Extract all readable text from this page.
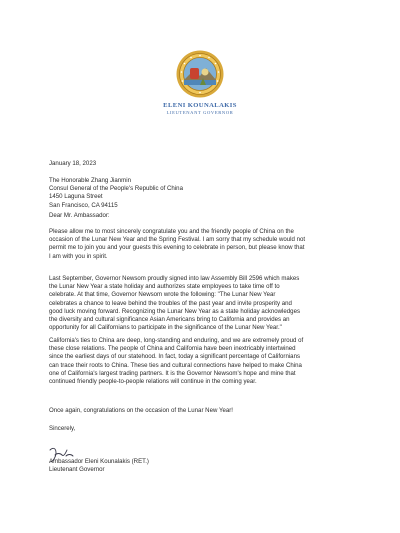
ELENI KOUNALAKIS
LIEUTENANT GOVERNOR
January 18, 2023
The Honorable Zhang Jianmin
Consul General of the People's Republic of China
1450 Laguna Street
San Francisco, CA 94115
Dear Mr. Ambassador:
Please allow me to most sincerely congratulate you and the friendly people of China on the
occasion of the Lunar New Year and the Spring Festival. I am sorry that my schedule would not
permit me to join you and your guests this evening to celebrate in person, but please know that
I am with you in spirit.
Last September, Governor Newsom proudly signed into law Assembly Bill 2596 which makes
the Lunar New Year a state holiday and authorizes state employees to take time off to
celebrate. At that time, Governor Newsom wrote the following: "The Lunar New Year
celebrates a chance to leave behind the troubles of the past year and invite prosperity and
good luck moving forward. Recognizing the Lunar New Year as a state holiday acknowledges
the diversity and cultural significance Asian Americans bring to California and provides an
opportunity for all Californians to participate in the significance of the Lunar New Year."
California's ties to China are deep, long-standing and enduring, and we are extremely proud of
these close relations. The people of China and California have been inextricably intertwined
since the earliest days of our statehood. In fact, today a significant percentage of Californians
can trace their roots to China. These ties and cultural connections have helped to make China
one of California's largest trading partners. It is the Governor Newsom's hope and mine that
continued friendly people-to-people relations will continue in the coming year.
Once again, congratulations on the occasion of the Lunar New Year!
Sincerely,
Ambassador Eleni Kounalakis (RET.)
Lieutenant Governor
